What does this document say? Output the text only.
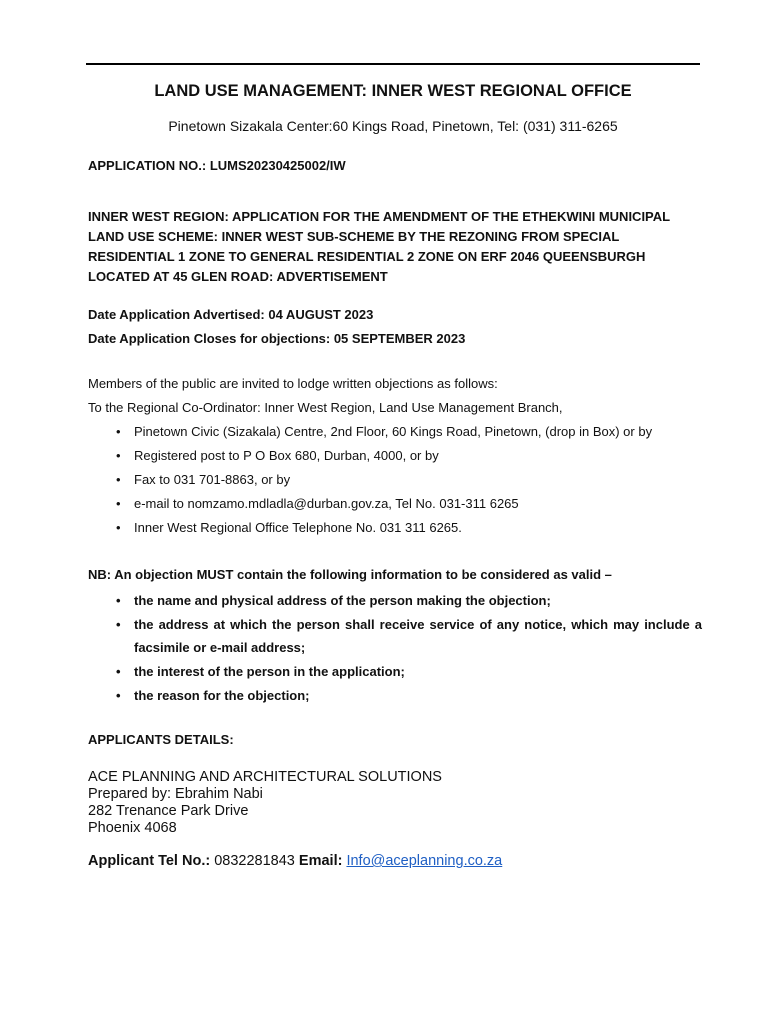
LAND USE MANAGEMENT: INNER WEST REGIONAL OFFICE
Pinetown Sizakala Center:60 Kings Road, Pinetown, Tel: (031) 311-6265
APPLICATION NO.: LUMS20230425002/IW
INNER WEST REGION: APPLICATION FOR THE AMENDMENT OF THE ETHEKWINI MUNICIPAL LAND USE SCHEME: INNER WEST SUB-SCHEME BY THE REZONING FROM SPECIAL RESIDENTIAL 1 ZONE TO GENERAL RESIDENTIAL 2 ZONE ON ERF 2046 QUEENSBURGH LOCATED AT 45 GLEN ROAD: ADVERTISEMENT
Date Application Advertised: 04 AUGUST 2023
Date Application Closes for objections: 05 SEPTEMBER 2023
Members of the public are invited to lodge written objections as follows:
To the Regional Co-Ordinator: Inner West Region, Land Use Management Branch,
• Pinetown Civic (Sizakala) Centre, 2nd Floor, 60 Kings Road, Pinetown, (drop in Box) or by
• Registered post to P O Box 680, Durban, 4000, or by
• Fax to 031 701-8863, or by
• e-mail to nomzamo.mdladla@durban.gov.za, Tel No. 031-311 6265
• Inner West Regional Office Telephone No. 031 311 6265.
NB: An objection MUST contain the following information to be considered as valid –
• the name and physical address of the person making the objection;
• the address at which the person shall receive service of any notice, which may include a facsimile or e-mail address;
• the interest of the person in the application;
• the reason for the objection;
APPLICANTS DETAILS:
ACE PLANNING AND ARCHITECTURAL SOLUTIONS
Prepared by: Ebrahim Nabi
282 Trenance Park Drive
Phoenix 4068
Applicant Tel No.: 0832281843 Email: Info@aceplanning.co.za
